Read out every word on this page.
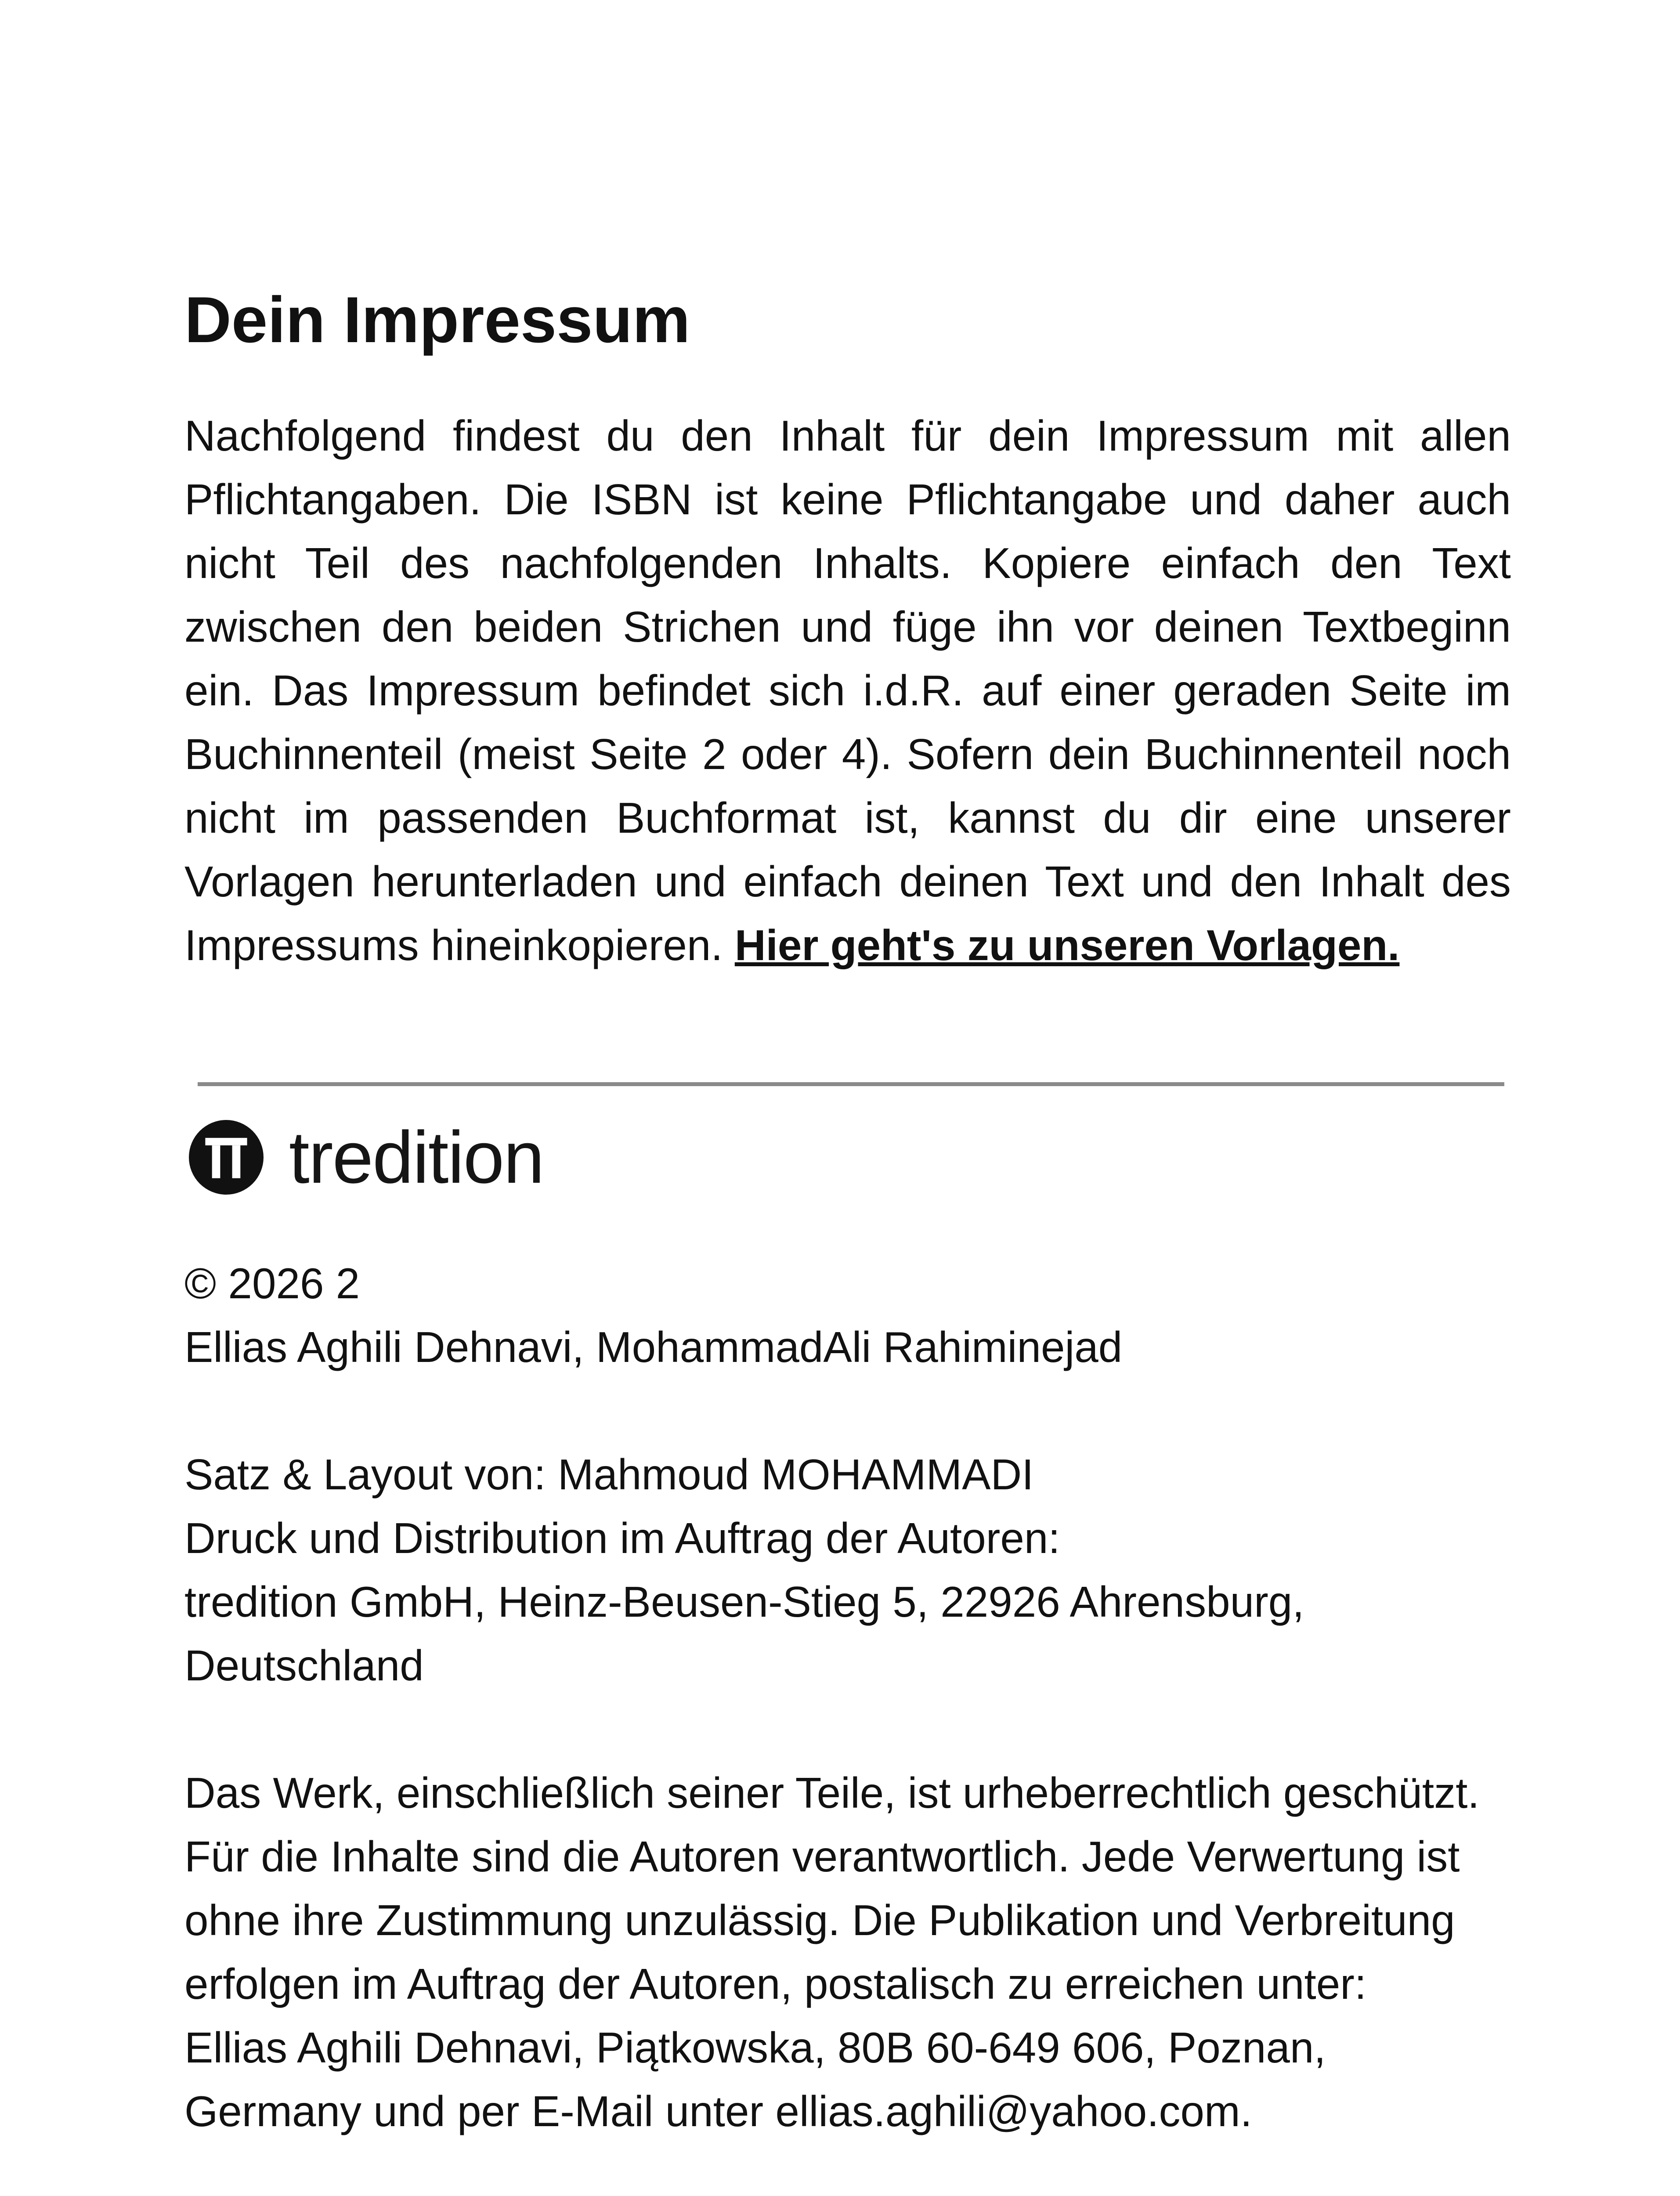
Dein Impressum

Nachfolgend findest du den Inhalt für dein Impressum mit allen Pflichtangaben. Die ISBN ist keine Pflichtangabe und daher auch nicht Teil des nachfolgenden Inhalts. Kopiere einfach den Text zwischen den beiden Strichen und füge ihn vor deinen Textbeginn ein. Das Impressum befindet sich i.d.R. auf einer geraden Seite im Buchinnenteil (meist Seite 2 oder 4). Sofern dein Buchinnenteil noch nicht im passenden Buchformat ist, kannst du dir eine unserer Vorlagen herunterladen und einfach deinen Text und den Inhalt des Impressums hineinkopieren. Hier geht's zu unseren Vorlagen.

tredition
© 2026 2
Ellias Aghili Dehnavi, MohammadAli Rahiminejad
Satz & Layout von: Mahmoud MOHAMMADI
Druck und Distribution im Auftrag der Autoren:
tredition GmbH, Heinz-Beusen-Stieg 5, 22926 Ahrensburg,
Deutschland
Das Werk, einschließlich seiner Teile, ist urheberrechtlich geschützt.
Für die Inhalte sind die Autoren verantwortlich. Jede Verwertung ist
ohne ihre Zustimmung unzulässig. Die Publikation und Verbreitung
erfolgen im Auftrag der Autoren, postalisch zu erreichen unter:
Ellias Aghili Dehnavi, Piątkowska, 80B 60-649 606, Poznan,
Germany und per E-Mail unter ellias.aghili@yahoo.com.
